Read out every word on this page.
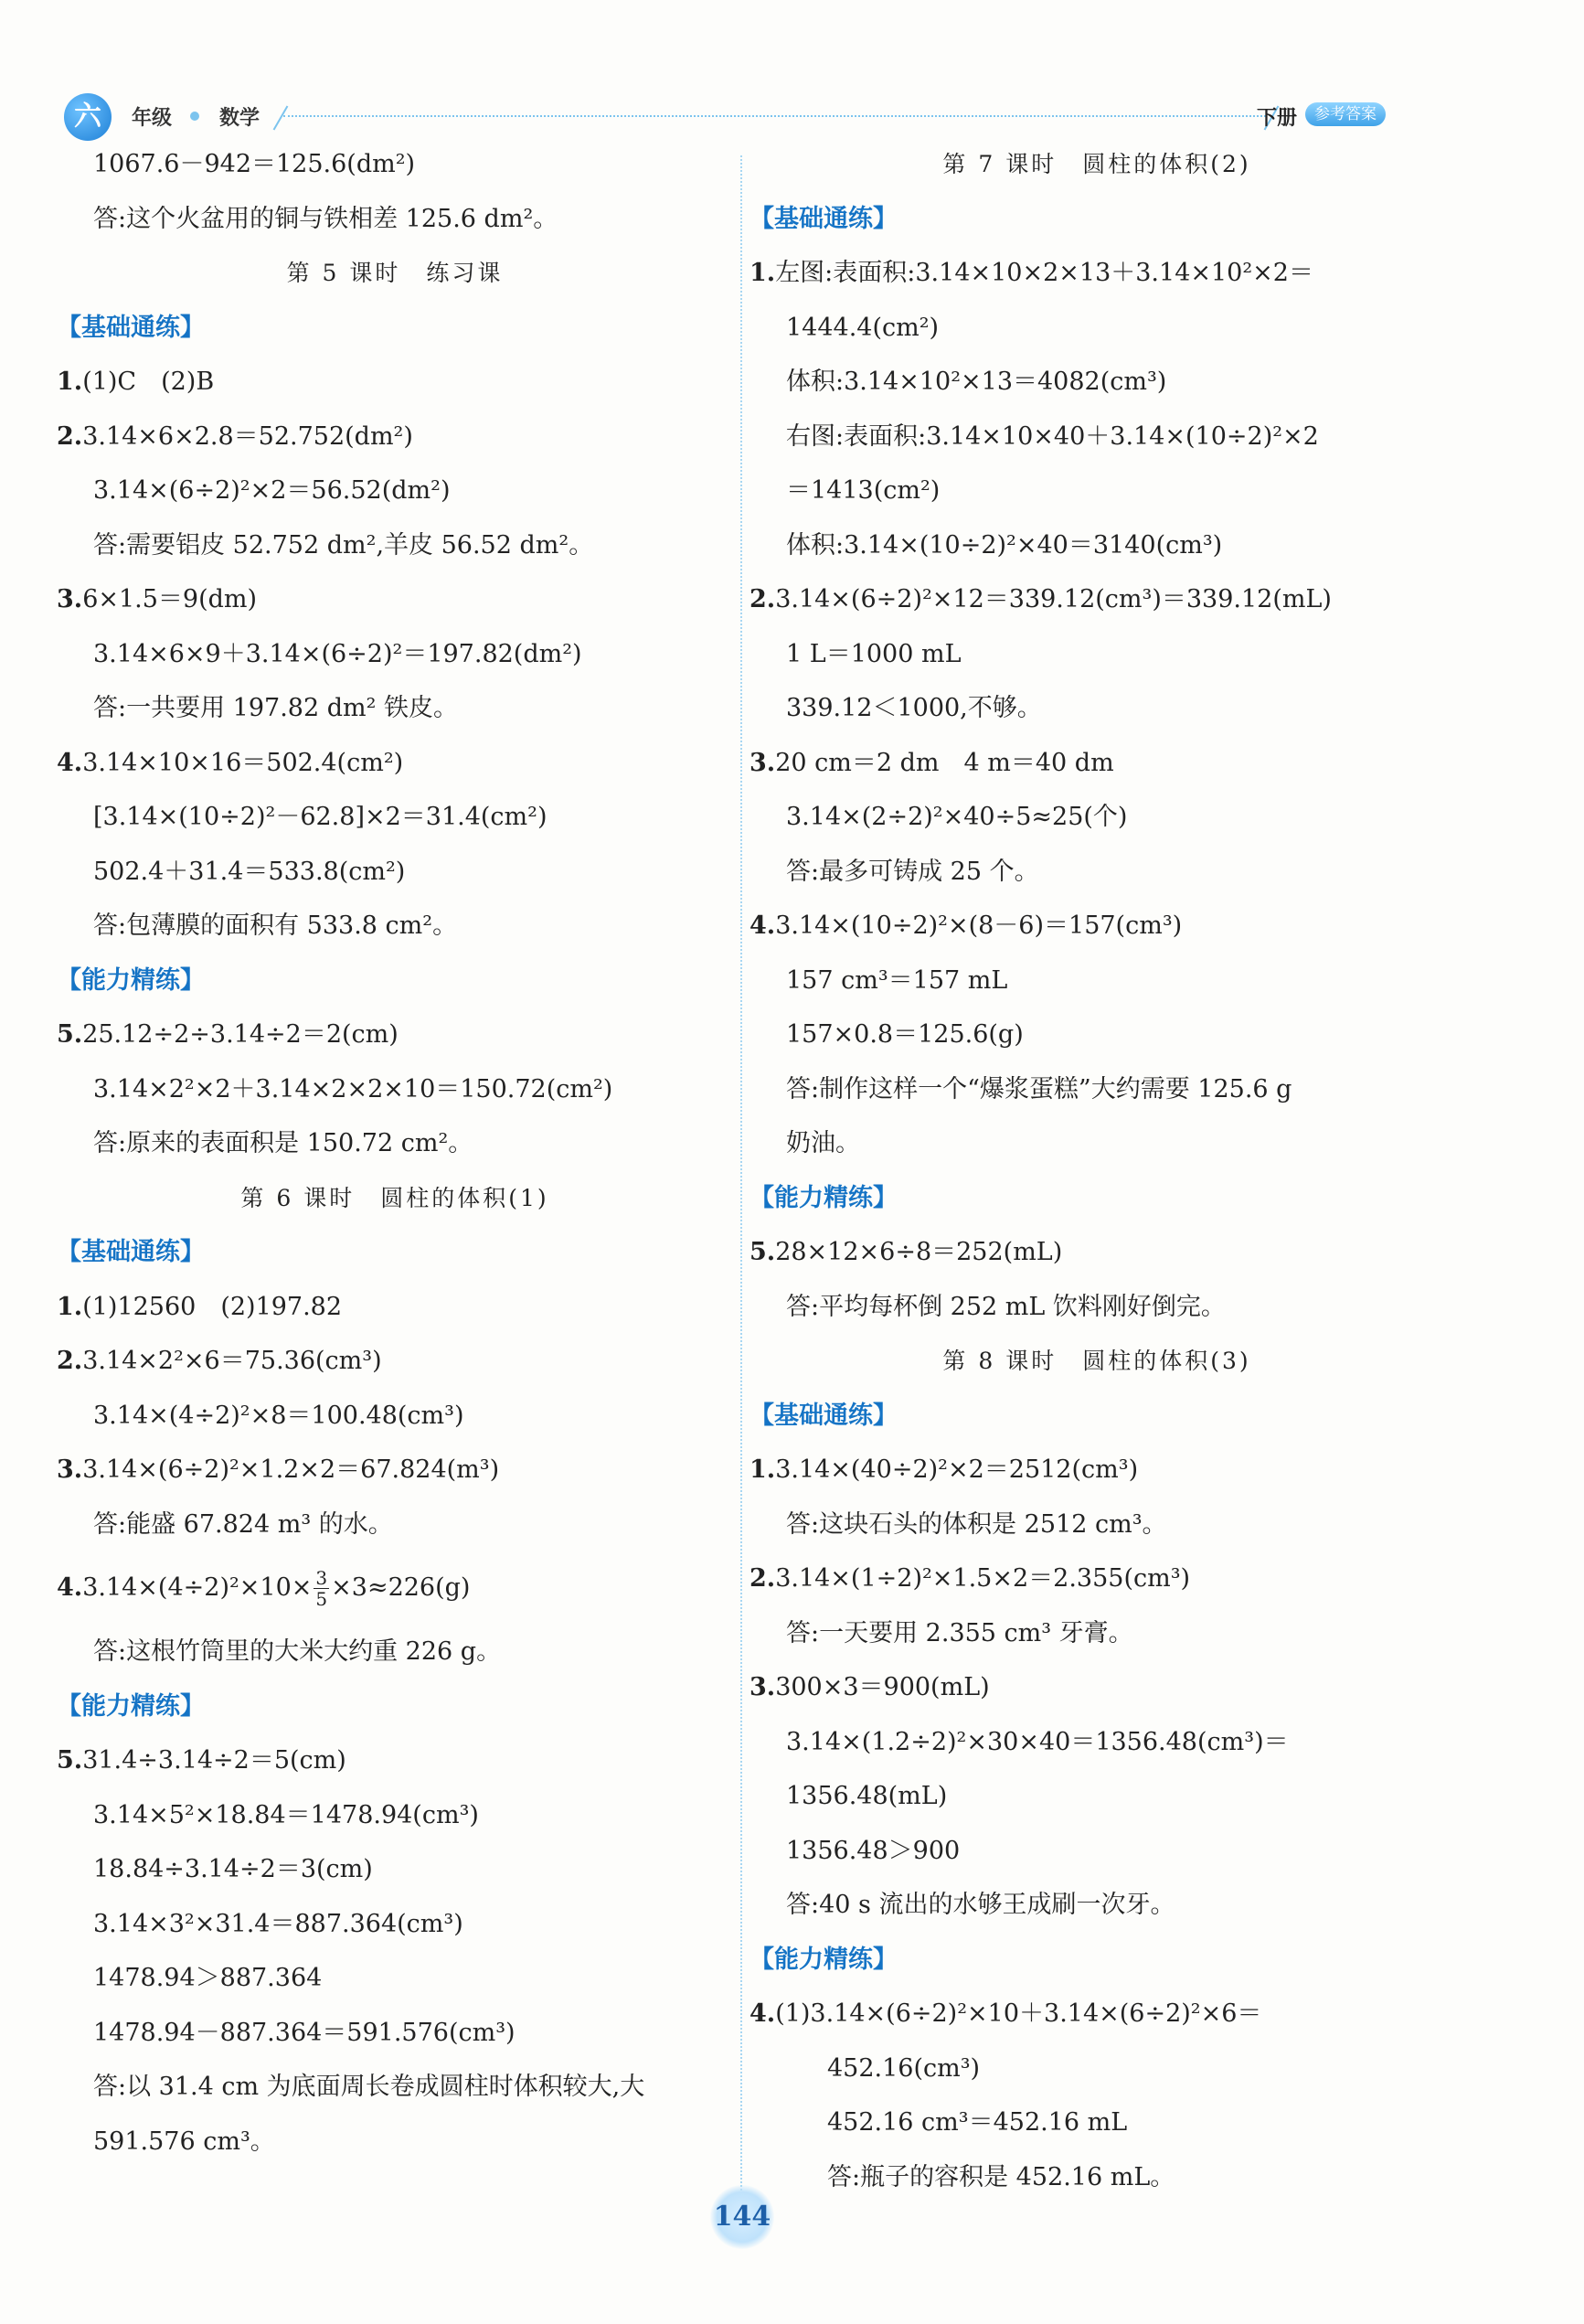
六	年级 数学	下册	参考答案
1067.6－942＝125.6(dm²)
答:这个火盆用的铜与铁相差 125.6 dm²。
第 5 课时　练习课
【基础通练】
1.(1)C　(2)B
2.3.14×6×2.8＝52.752(dm²)
3.14×(6÷2)²×2＝56.52(dm²)
答:需要铝皮 52.752 dm²,羊皮 56.52 dm²。
3.6×1.5＝9(dm)
3.14×6×9＋3.14×(6÷2)²＝197.82(dm²)
答:一共要用 197.82 dm² 铁皮。
4.3.14×10×16＝502.4(cm²)
[3.14×(10÷2)²－62.8]×2＝31.4(cm²)
502.4＋31.4＝533.8(cm²)
答:包薄膜的面积有 533.8 cm²。
【能力精练】
5.25.12÷2÷3.14÷2＝2(cm)
3.14×2²×2＋3.14×2×2×10＝150.72(cm²)
答:原来的表面积是 150.72 cm²。
第 6 课时　圆柱的体积(1)
【基础通练】
1.(1)12560　(2)197.82
2.3.14×2²×6＝75.36(cm³)
3.14×(4÷2)²×8＝100.48(cm³)
3.3.14×(6÷2)²×1.2×2＝67.824(m³)
答:能盛 67.824 m³ 的水。
$4.3.14\times(4\div 2)^2\times 10\times \frac{3}{5} \times 3\approx 226(g)$
答:这根竹筒里的大米大约重 226 g。
【能力精练】
5.31.4÷3.14÷2＝5(cm)
3.14×5²×18.84＝1478.94(cm³)
18.84÷3.14÷2＝3(cm)
3.14×3²×31.4＝887.364(cm³)
1478.94＞887.364
1478.94－887.364＝591.576(cm³)
答:以 31.4 cm 为底面周长卷成圆柱时体积较大,大
591.576 cm³。
第 7 课时　圆柱的体积(2)
【基础通练】
1.左图:表面积:3.14×10×2×13＋3.14×10²×2＝
1444.4(cm²)
体积:3.14×10²×13＝4082(cm³)
右图:表面积:3.14×10×40＋3.14×(10÷2)²×2
＝1413(cm²)
体积:3.14×(10÷2)²×40＝3140(cm³)
2.3.14×(6÷2)²×12＝339.12(cm³)＝339.12(mL)
1 L＝1000 mL
339.12＜1000,不够。
3.20 cm＝2 dm　4 m＝40 dm
3.14×(2÷2)²×40÷5≈25(个)
答:最多可铸成 25 个。
4.3.14×(10÷2)²×(8－6)＝157(cm³)
157 cm³＝157 mL
157×0.8＝125.6(g)
答:制作这样一个“爆浆蛋糕”大约需要 125.6 g
奶油。
【能力精练】
5.28×12×6÷8＝252(mL)
答:平均每杯倒 252 mL 饮料刚好倒完。
第 8 课时　圆柱的体积(3)
【基础通练】
1.3.14×(40÷2)²×2＝2512(cm³)
答:这块石头的体积是 2512 cm³。
2.3.14×(1÷2)²×1.5×2＝2.355(cm³)
答:一天要用 2.355 cm³ 牙膏。
3.300×3＝900(mL)
3.14×(1.2÷2)²×30×40＝1356.48(cm³)＝
1356.48(mL)
1356.48＞900
答:40 s 流出的水够王成刷一次牙。
【能力精练】
4.(1)3.14×(6÷2)²×10＋3.14×(6÷2)²×6＝
452.16(cm³)
452.16 cm³＝452.16 mL
答:瓶子的容积是 452.16 mL。
144
